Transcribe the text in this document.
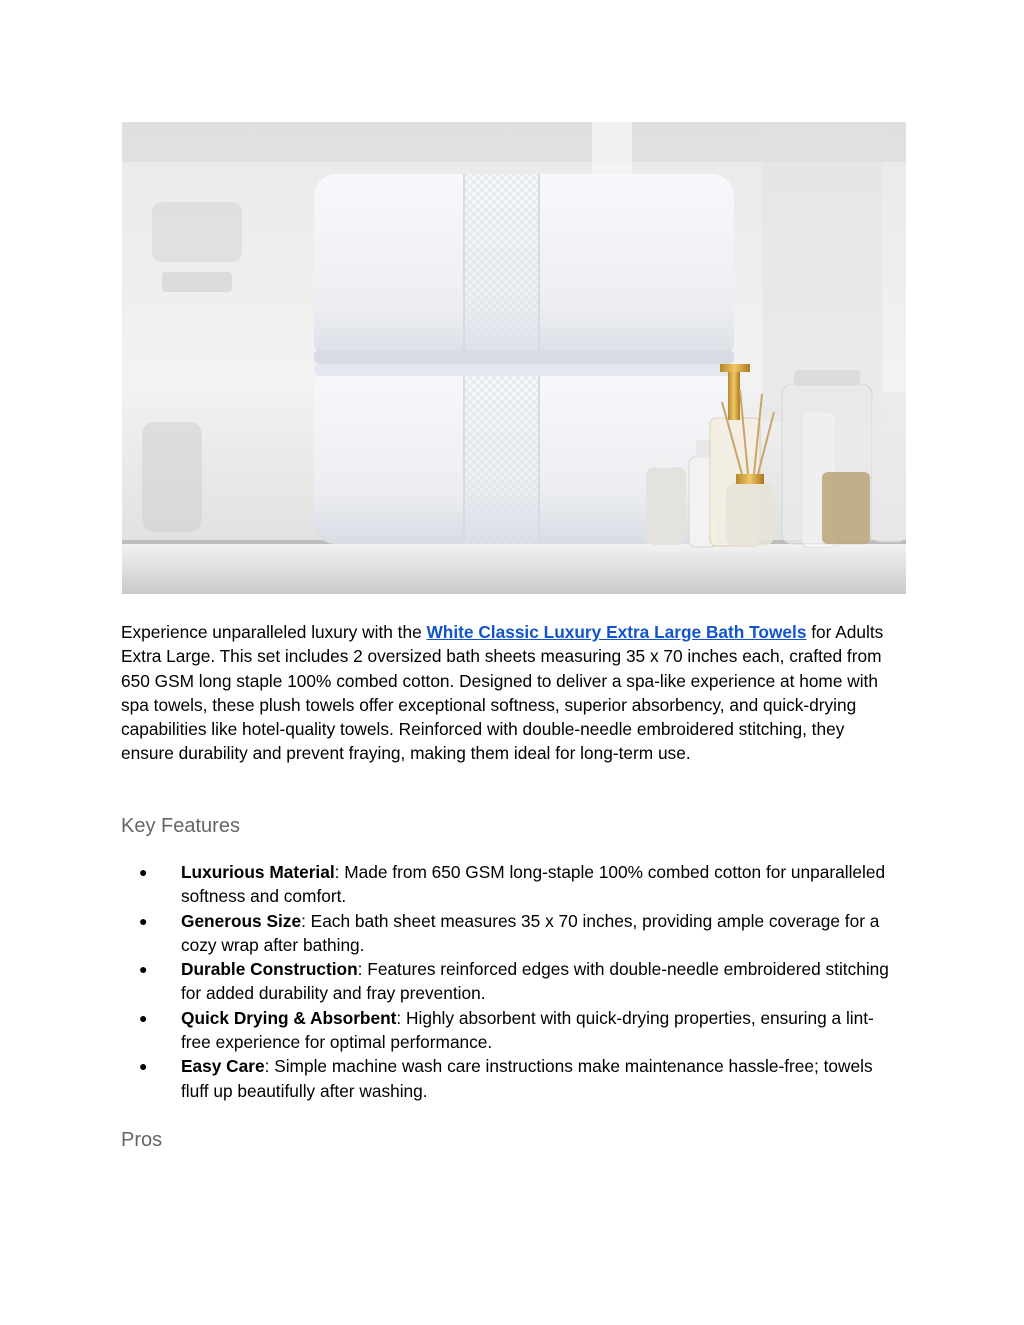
Experience unparalleled luxury with the White Classic Luxury Extra Large Bath Towels for Adults Extra Large. This set includes 2 oversized bath sheets measuring 35 x 70 inches each, crafted from 650 GSM long staple 100% combed cotton. Designed to deliver a spa-like experience at home with spa towels, these plush towels offer exceptional softness, superior absorbency, and quick-drying capabilities like hotel-quality towels. Reinforced with double-needle embroidered stitching, they ensure durability and prevent fraying, making them ideal for long-term use.

Key Features
● Luxurious Material: Made from 650 GSM long-staple 100% combed cotton for unparalleled softness and comfort.
● Generous Size: Each bath sheet measures 35 x 70 inches, providing ample coverage for a cozy wrap after bathing.
● Durable Construction: Features reinforced edges with double-needle embroidered stitching for added durability and fray prevention.
● Quick Drying & Absorbent: Highly absorbent with quick-drying properties, ensuring a lint-free experience for optimal performance.
● Easy Care: Simple machine wash care instructions make maintenance hassle-free; towels fluff up beautifully after washing.
Pros
